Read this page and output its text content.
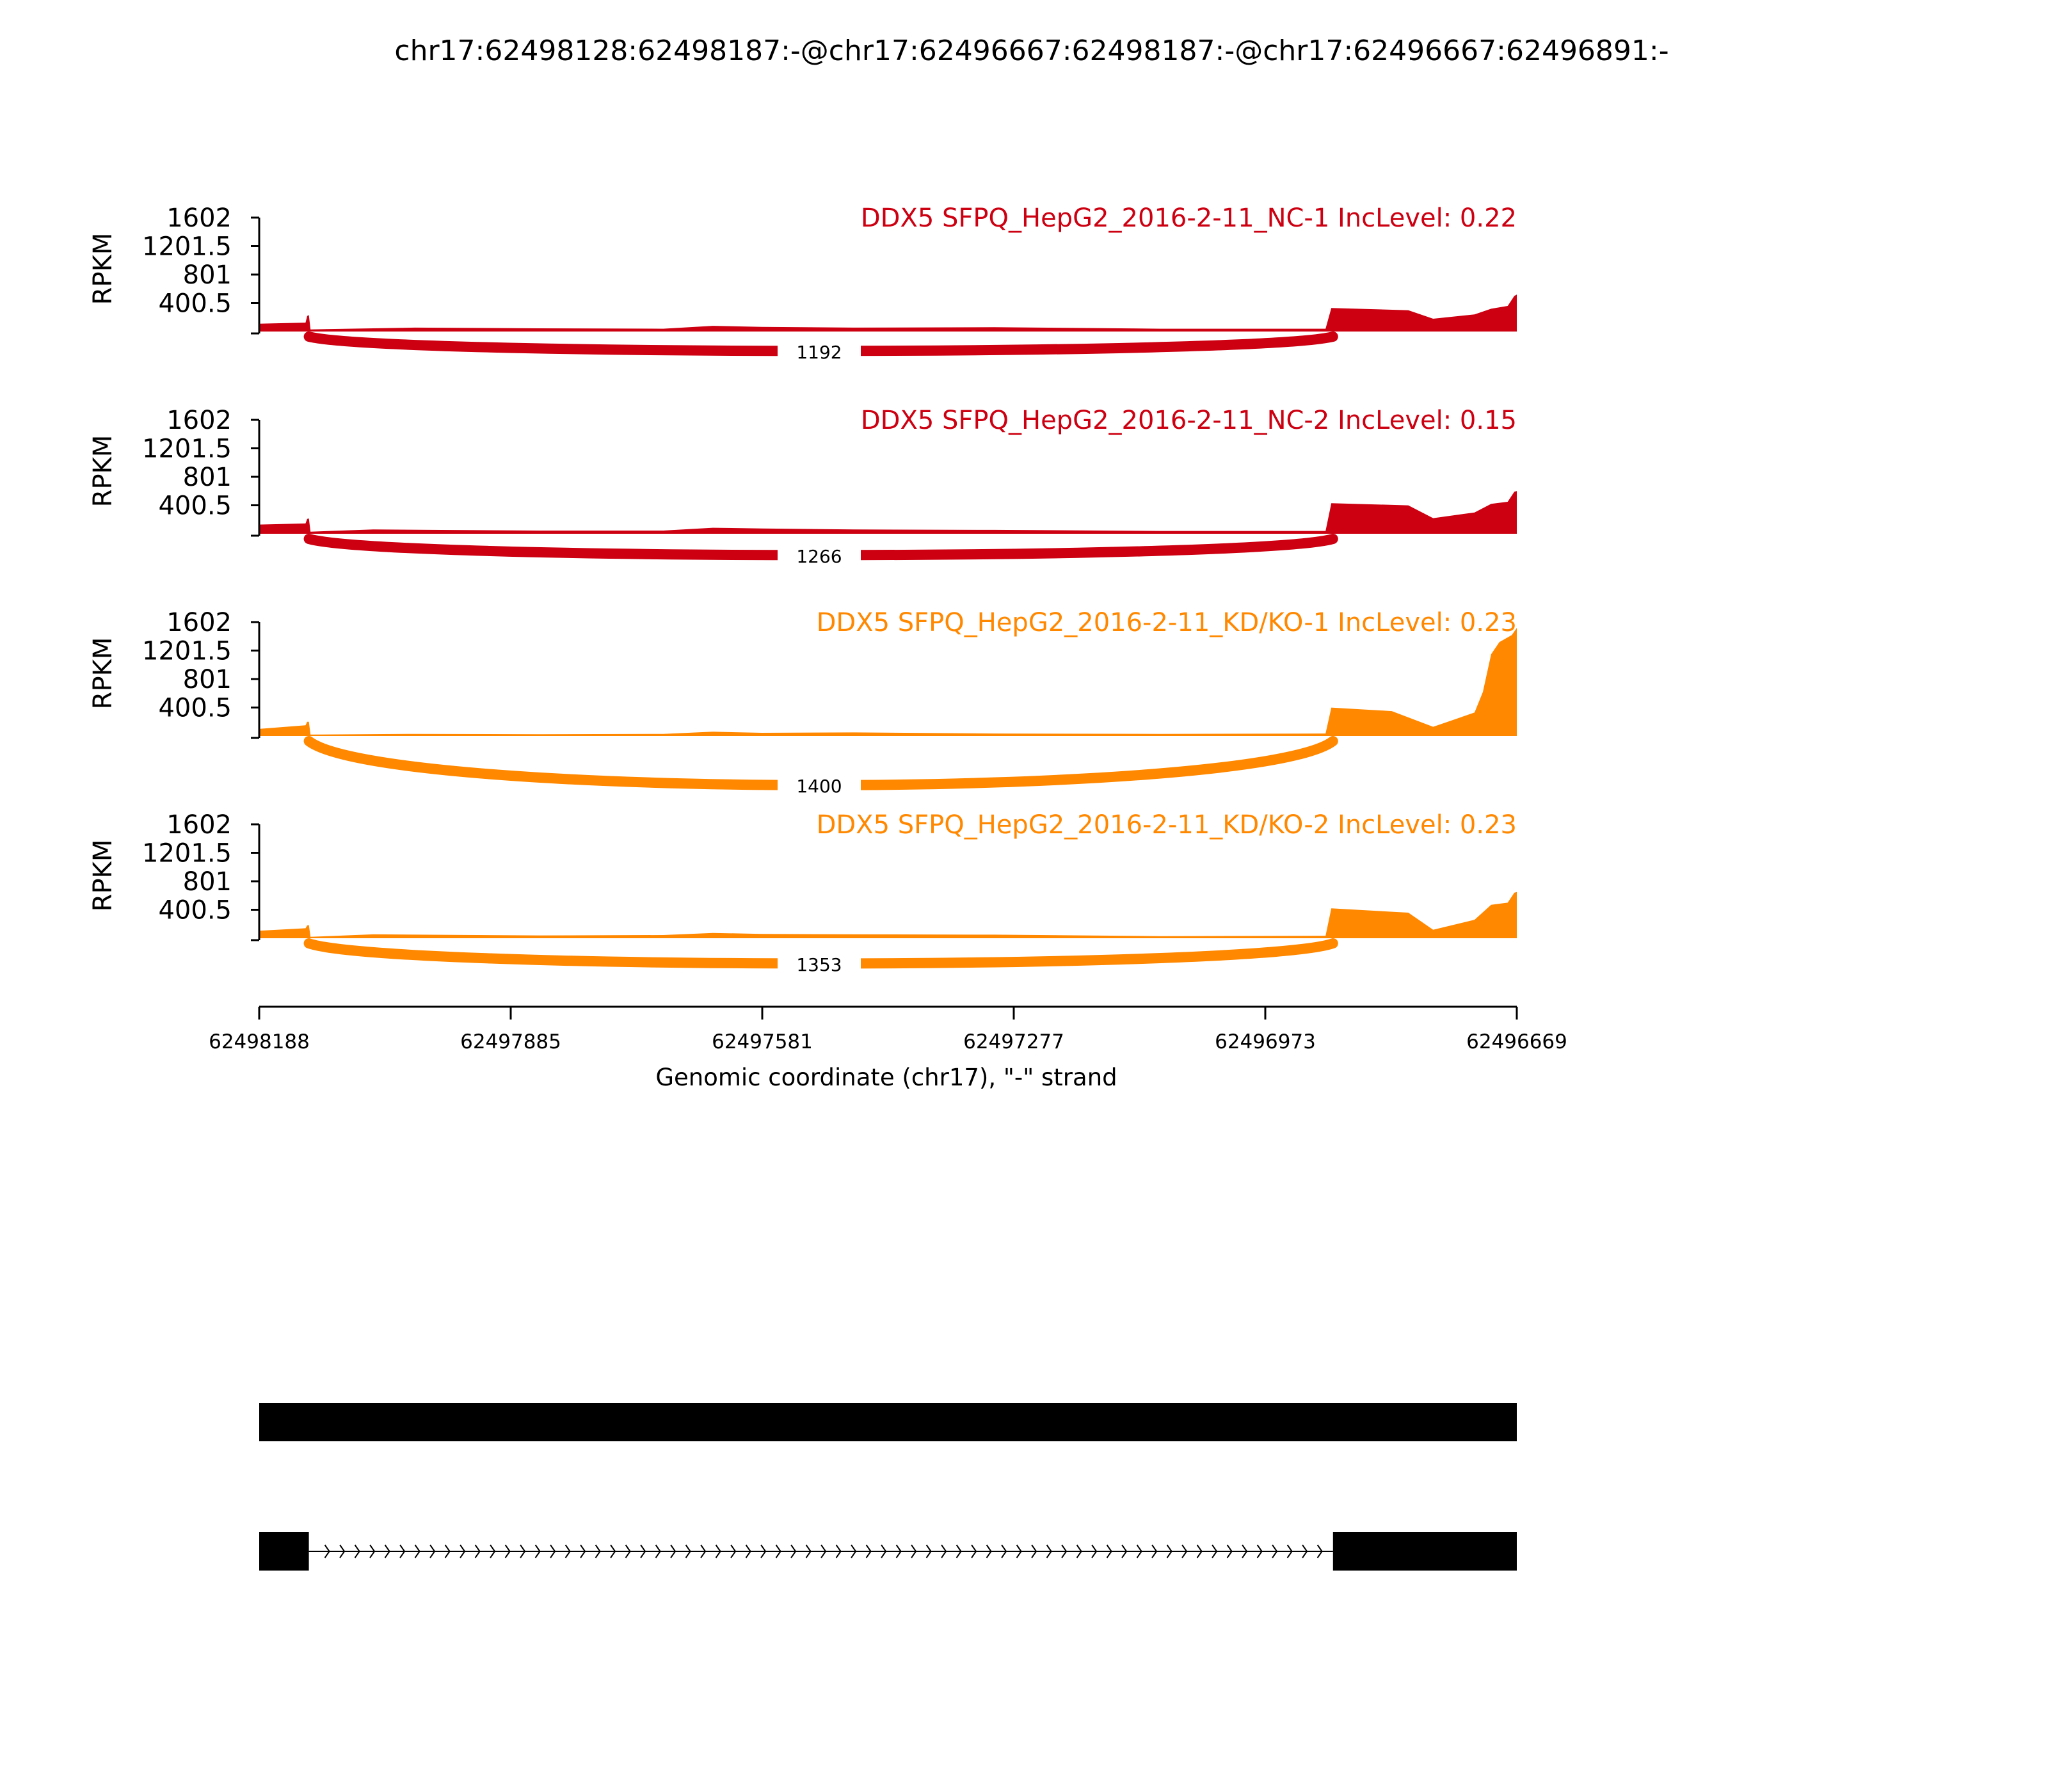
chr17:62498128:62498187:-@chr17:62496667:62498187:-@chr17:62496667:62496891:-
1192
DDX5 SFPQ_HepG2_2016-2-11_NC-1 IncLevel: 0.22
400.5
801
1201.5
1602
RPKM
1266
DDX5 SFPQ_HepG2_2016-2-11_NC-2 IncLevel: 0.15
400.5
801
1201.5
1602
RPKM
1400
DDX5 SFPQ_HepG2_2016-2-11_KD/KO-1 IncLevel: 0.23
400.5
801
1201.5
1602
RPKM
1353
DDX5 SFPQ_HepG2_2016-2-11_KD/KO-2 IncLevel: 0.23
400.5
801
1201.5
1602
RPKM
Genomic coordinate (chr17), "-" strand
62498188	62497885	62497581	62497277	62496973	62496669
